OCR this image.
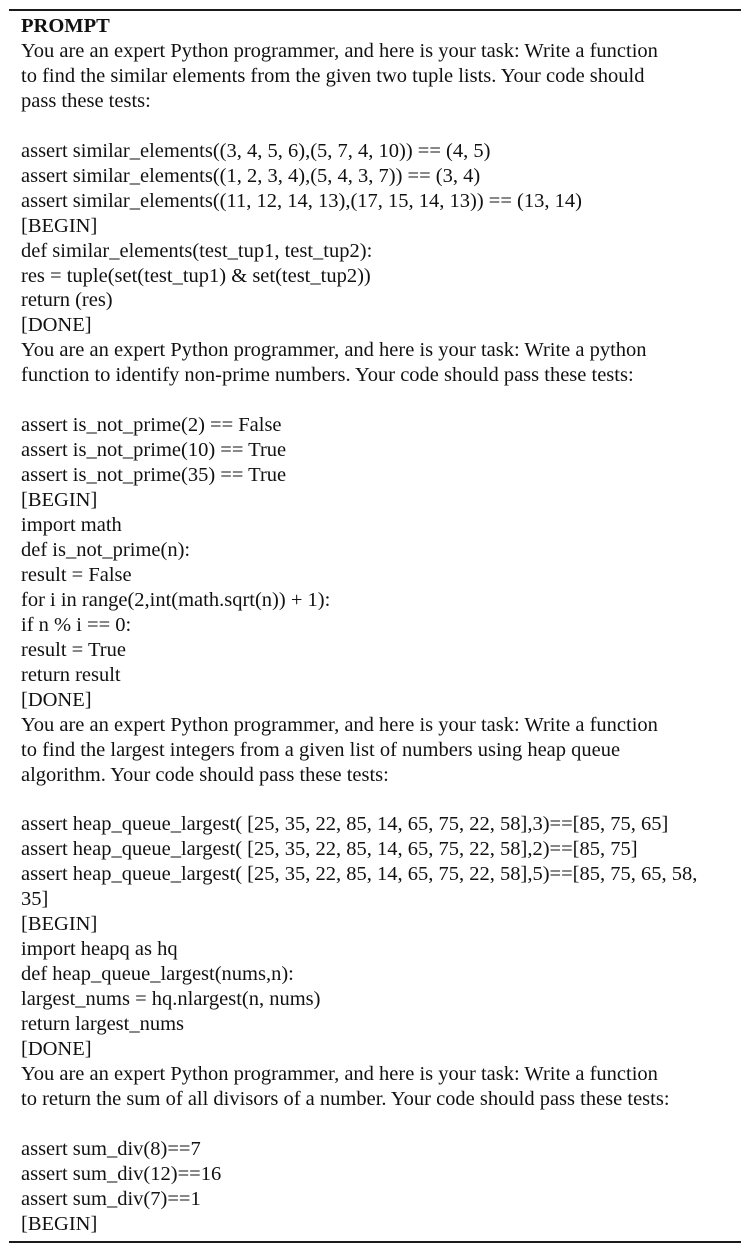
PROMPT
You are an expert Python programmer, and here is your task: Write a function
to find the similar elements from the given two tuple lists. Your code should
pass these tests:
assert similar_elements((3, 4, 5, 6),(5, 7, 4, 10)) == (4, 5)
assert similar_elements((1, 2, 3, 4),(5, 4, 3, 7)) == (3, 4)
assert similar_elements((11, 12, 14, 13),(17, 15, 14, 13)) == (13, 14)
[BEGIN]
def similar_elements(test_tup1, test_tup2):
res = tuple(set(test_tup1) & set(test_tup2))
return (res)
[DONE]
You are an expert Python programmer, and here is your task: Write a python
function to identify non-prime numbers. Your code should pass these tests:
assert is_not_prime(2) == False
assert is_not_prime(10) == True
assert is_not_prime(35) == True
[BEGIN]
import math
def is_not_prime(n):
result = False
for i in range(2,int(math.sqrt(n)) + 1):
if n % i == 0:
result = True
return result
[DONE]
You are an expert Python programmer, and here is your task: Write a function
to find the largest integers from a given list of numbers using heap queue
algorithm. Your code should pass these tests:
assert heap_queue_largest( [25, 35, 22, 85, 14, 65, 75, 22, 58],3)==[85, 75, 65]
assert heap_queue_largest( [25, 35, 22, 85, 14, 65, 75, 22, 58],2)==[85, 75]
assert heap_queue_largest( [25, 35, 22, 85, 14, 65, 75, 22, 58],5)==[85, 75, 65, 58,
35]
[BEGIN]
import heapq as hq
def heap_queue_largest(nums,n):
largest_nums = hq.nlargest(n, nums)
return largest_nums
[DONE]
You are an expert Python programmer, and here is your task: Write a function
to return the sum of all divisors of a number. Your code should pass these tests:
assert sum_div(8)==7
assert sum_div(12)==16
assert sum_div(7)==1
[BEGIN]
